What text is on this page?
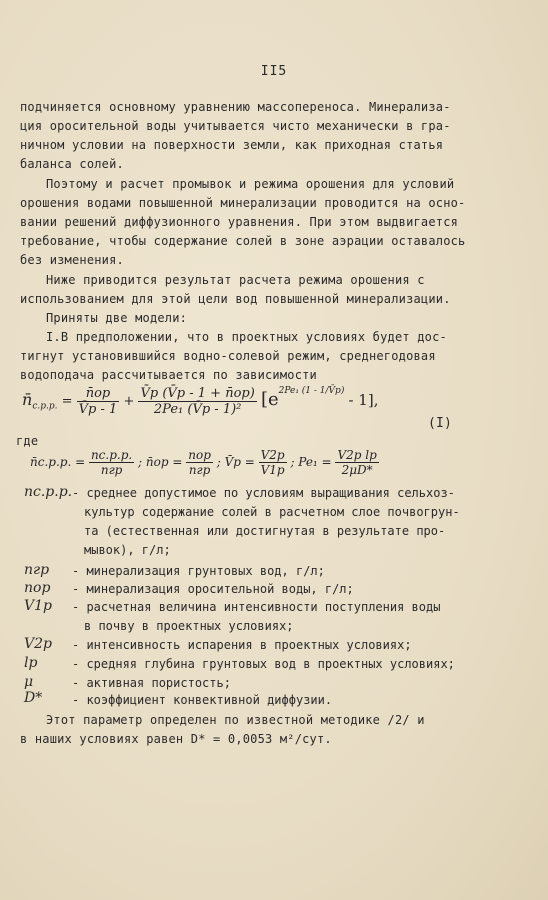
II5
подчиняется основному уравнению массопереноса. Минерализа-
ция оросительной воды учитывается чисто механически в гра-
ничном условии на поверхности земли, как приходная статья
баланса солей.
Поэтому и расчет промывок и режима орошения для условий
орошения водами повышенной минерализации проводится на осно-
вании решений диффузионного уравнения. При этом выдвигается
требование, чтобы содержание солей в зоне аэрации оставалось
без изменения.
Ниже приводится результат расчета режима орошения с
использованием для этой цели вод повышенной минерализации.
Приняты две модели:
I.В предположении, что в проектных условиях будет дос-
тигнут установившийся водно-солевой режим, среднегодовая
водоподача рассчитывается по зависимости
$n̄_{с.р.р.} = \frac{n̄ор}{V̄р - 1} + \frac{V̄р (V̄р - 1 + n̄ор)}{\text{2Pe₁ (V̄р - 1)²}} [e^{2Pe_1 (1 - 1/V̄р)} - 1]$,
(I)
где
n̄с.р.р. = $\frac{nс.р.р.}{\text{nгр}}$ ; n̄ор = $\frac{\text{nор}}{\text{nгр}}$ ; V̄р = $\frac{V2р}{V1р}$ ; $Pe_1 = \frac{\text{V2р lр}}{2\mu D*}$
nс.р.р. - среднее допустимое по условиям выращивания сельхоз-
культур содержание солей в расчетном слое почвогрун-
та (естественная или достигнутая в результате про-
мывок), г/л;
nгр - минерализация грунтовых вод, г/л;
nор - минерализация оросительной воды, г/л;
V1р - расчетная величина интенсивности поступления воды
в почву в проектных условиях;
V2р - интенсивность испарения в проектных условиях;
lр	- средняя глубина грунтовых вод в проектных условиях;
μ	- активная пористость;
D* - коэффициент конвективной диффузии.
Этот параметр определен по известной методике /2/ и
в наших условиях равен D* = 0,0053 м²/сут.
